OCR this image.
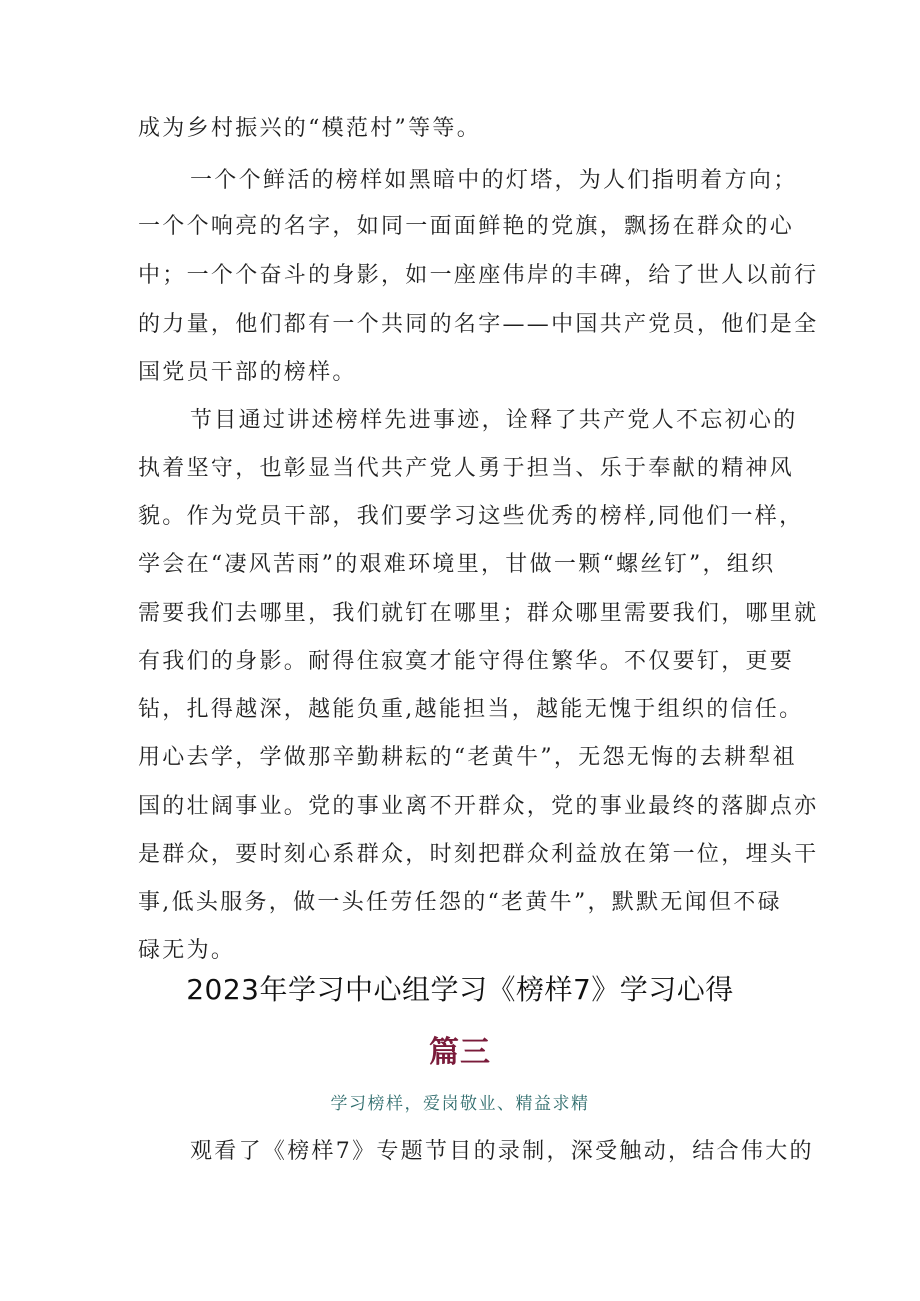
成为乡村振兴的“模范村”等等。
一个个鲜活的榜样如黑暗中的灯塔，为人们指明着方向；
一个个响亮的名字，如同一面面鲜艳的党旗，飘扬在群众的心
中；一个个奋斗的身影，如一座座伟岸的丰碑，给了世人以前行
的力量，他们都有一个共同的名字——中国共产党员，他们是全
国党员干部的榜样。
节目通过讲述榜样先进事迹，诠释了共产党人不忘初心的
执着坚守，也彰显当代共产党人勇于担当、乐于奉献的精神风
貌。作为党员干部，我们要学习这些优秀的榜样,同他们一样，
学会在“凄风苦雨”的艰难环境里，甘做一颗“螺丝钉”，组织
需要我们去哪里，我们就钉在哪里；群众哪里需要我们，哪里就
有我们的身影。耐得住寂寞才能守得住繁华。不仅要钉，更要
钻，扎得越深，越能负重,越能担当，越能无愧于组织的信任。
用心去学，学做那辛勤耕耘的“老黄牛”，无怨无悔的去耕犁祖
国的壮阔事业。党的事业离不开群众，党的事业最终的落脚点亦
是群众，要时刻心系群众，时刻把群众利益放在第一位，埋头干
事,低头服务，做一头任劳任怨的“老黄牛”，默默无闻但不碌
碌无为。
2023年学习中心组学习《榜样7》学习心得
篇三
学习榜样，爱岗敬业、精益求精
观看了《榜样7》专题节目的录制，深受触动，结合伟大的
